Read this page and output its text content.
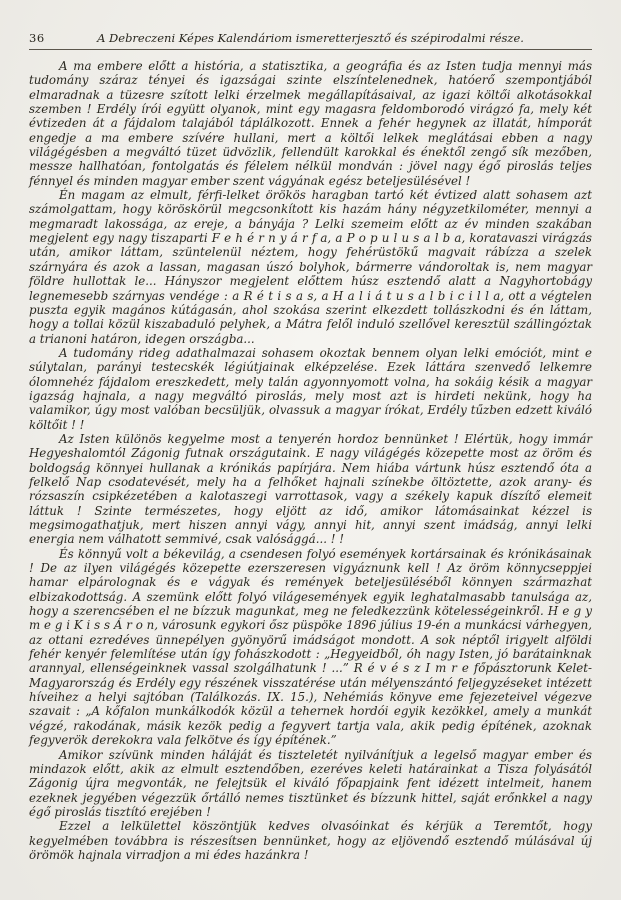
36	A Debreczeni Képes Kalendáriom ismeretterjesztő és szépirodalmi része.

A ma embere előtt a história, a statisztika, a geográfia és az Isten tudja mennyi más tudomány száraz tényei és igazságai szinte elszíntelenednek, hatóerő szempontjából elmaradnak a tüzesre szított lelki érzelmek megállapításaival, az igazi költői alkotásokkal szemben ! Erdély írói együtt olyanok, mint egy magasra feldomborodó virágzó fa, mely két évtizeden át a fájdalom talajából táplálkozott. Ennek a fehér hegynek az illatát, hímporát engedje a ma embere szívére hullani, mert a költői lelkek meglátásai ebben a nagy világégésben a megváltó tüzet üdvözlik, fellendült karokkal és énektől zengő sík mezőben, messze hallhatóan, fontolgatás és félelem nélkül mondván : jövel nagy égő piroslás teljes fénnyel és minden magyar ember szent vágyának egész beteljesülésével !

Én magam az elmult, férfi-lelket örökös haragban tartó két évtized alatt sohasem azt számolgattam, hogy köröskörül megcsonkított kis hazám hány négyzetkilométer, mennyi a megmaradt lakossága, az ereje, a bányája ? Lelki szemeim előtt az év minden szakában megjelent egy nagy tiszaparti F e h é r n y á r f a, a P o p u l u s a l b a, koratavaszi virágzás után, amikor láttam, szüntelenül néztem, hogy fehérüstökű magvait rábízza a szelek szárnyára és azok a lassan, magasan úszó bolyhok, bármerre vándoroltak is, nem magyar földre hullottak le... Hányszor megjelent előttem húsz esztendő alatt a Nagyhortobágy legnemesebb szárnyas vendége : a R é t i s a s, a H a l i á t u s a l b i c i l l a, ott a végtelen puszta egyik magános kútágasán, ahol szokása szerint elkezdett tollászkodni és én láttam, hogy a tollai közül kiszabaduló pelyhek, a Mátra felől induló szellővel keresztül szállingóztak a trianoni határon, idegen országba...

A tudomány rideg adathalmazai sohasem okoztak bennem olyan lelki emóciót, mint e súlytalan, parányi testecskék légiútjainak elképzelése. Ezek láttára szenvedő lelkemre ólomnehéz fájdalom ereszkedett, mely talán agyonnyomott volna, ha sokáig késik a magyar igazság hajnala, a nagy megváltó piroslás, mely most azt is hirdeti nekünk, hogy ha valamikor, úgy most valóban becsüljük, olvassuk a magyar írókat, Erdély tűzben edzett kiváló költőit ! !

Az Isten különös kegyelme most a tenyerén hordoz bennünket ! Elértük, hogy immár Hegyeshalomtól Zágonig futnak országutaink. E nagy világégés közepette most az öröm és boldogság könnyei hullanak a krónikás papírjára. Nem hiába vártunk húsz esztendő óta a felkelő Nap csodatevését, mely ha a felhőket hajnali színekbe öltöztette, azok arany- és rózsaszín csipkézetében a kalotaszegi varrottasok, vagy a székely kapuk díszítő elemeit láttuk ! Szinte természetes, hogy eljött az idő, amikor látomásainkat kézzel is megsimogathatjuk, mert hiszen annyi vágy, annyi hit, annyi szent imádság, annyi lelki energia nem válhatott semmivé, csak valósággá... ! !

És könnyű volt a békevilág, a csendesen folyó események kortársainak és krónikásainak ! De az ilyen világégés közepette ezerszeresen vigyáznunk kell ! Az öröm könnycseppjei hamar elpárolognak és e vágyak és remények beteljesüléséből könnyen származhat elbizakodottság. A szemünk előtt folyó világesemények egyik leghatalmasabb tanulsága az, hogy a szerencsében el ne bízzuk magunkat, meg ne feledkezzünk kötelességeinkről. H e g y m e g i K i s s Á r o n, városunk egykori ősz püspöke 1896 július 19-én a munkácsi várhegyen, az ottani ezredéves ünnepélyen gyönyörű imádságot mondott. A sok néptől irigyelt alföldi fehér kenyér felemlítése után így fohászkodott : „Hegyeidből, óh nagy Isten, jó barátainknak arannyal, ellenségeinknek vassal szolgálhatunk ! ...” R é v é s z I m r e főpásztorunk Kelet-Magyarország és Erdély egy részének visszatérése után mélyenszántó feljegyzéseket intézett híveihez a helyi sajtóban (Találkozás. IX. 15.), Nehémiás könyve eme fejezeteivel végezve szavait : „A kőfalon munkálkodók közül a tehernek hordói egyik kezökkel, amely a munkát végzé, rakodának, másik kezök pedig a fegyvert tartja vala, akik pedig építének, azoknak fegyverök derekokra vala felkötve és így építének.”

Amikor szívünk minden háláját és tiszteletét nyilvánítjuk a legelső magyar ember és mindazok előtt, akik az elmult esztendőben, ezeréves keleti határainkat a Tisza folyásától Zágonig újra megvonták, ne felejtsük el kiváló főpapjaink fent idézett intelmeit, hanem ezeknek jegyében végezzük őrtálló nemes tisztünket és bízzunk hittel, saját erőnkkel a nagy égő piroslás tisztító erejében !

Ezzel a lelkülettel köszöntjük kedves olvasóinkat és kérjük a Teremtőt, hogy kegyelmében továbbra is részesítsen bennünket, hogy az eljövendő esztendő múlásával új örömök hajnala virradjon a mi édes hazánkra !
